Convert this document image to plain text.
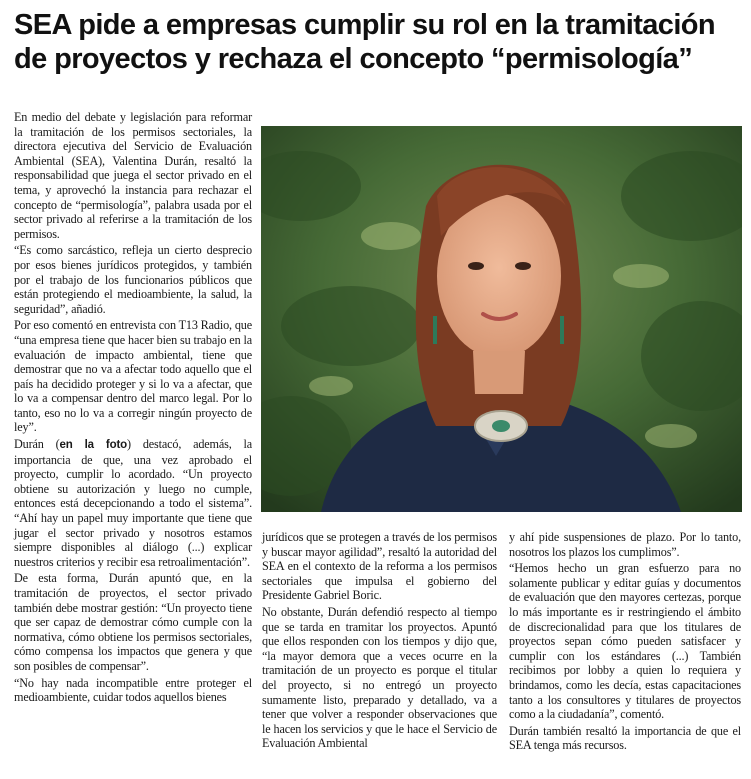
SEA pide a empresas cumplir su rol en la tramitación de proyectos y rechaza el concepto “permisología”

En medio del debate y legislación para reformar la tramitación de los permisos sectoriales, la directora ejecutiva del Servicio de Evaluación Ambiental (SEA), Valentina Durán, resaltó la responsabilidad que juega el sector privado en el tema, y aprovechó la instancia para rechazar el concepto de “permisología”, palabra usada por el sector privado al referirse a la tramitación de los permisos.

“Es como sarcástico, refleja un cierto desprecio por esos bienes jurídicos protegidos, y también por el trabajo de los funcionarios públicos que están protegiendo el medioambiente, la salud, la seguridad”, añadió.

Por eso comentó en entrevista con T13 Radio, que “una empresa tiene que hacer bien su trabajo en la evaluación de impacto ambiental, tiene que demostrar que no va a afectar todo aquello que el país ha decidido proteger y si lo va a afectar, que lo va a compensar dentro del marco legal. Por lo tanto, eso no lo va a corregir ningún proyecto de ley”.

Durán (en la foto) destacó, además, la importancia de que, una vez aprobado el proyecto, cumplir lo acordado. “Un proyecto obtiene su autorización y luego no cumple, entonces está decepcionando a todo el sistema”. “Ahí hay un papel muy importante que tiene que jugar el sector privado y nosotros estamos siempre disponibles al diálogo (...) explicar nuestros criterios y recibir esa retroalimentación”.

De esta forma, Durán apuntó que, en la tramitación de proyectos, el sector privado también debe mostrar gestión: “Un proyecto tiene que ser capaz de demostrar cómo cumple con la normativa, cómo obtiene los permisos sectoriales, cómo compensa los impactos que genera y que son posibles de compensar”.

“No hay nada incompatible entre proteger el medioambiente, cuidar todos aquellos bienes

jurídicos que se protegen a través de los permisos y buscar mayor agilidad”, resaltó la autoridad del SEA en el contexto de la reforma a los permisos sectoriales que impulsa el gobierno del Presidente Gabriel Boric.

No obstante, Durán defendió respecto al tiempo que se tarda en tramitar los proyectos. Apuntó que ellos responden con los tiempos y dijo que, “la mayor demora que a veces ocurre en la tramitación de un proyecto es porque el titular del proyecto, si no entregó un proyecto sumamente listo, preparado y detallado, va a tener que volver a responder observaciones que le hacen los servicios y que le hace el Servicio de Evaluación Ambiental

y ahí pide suspensiones de plazo. Por lo tanto, nosotros los plazos los cumplimos”.

“Hemos hecho un gran esfuerzo para no solamente publicar y editar guías y documentos de evaluación que den mayores certezas, porque lo más importante es ir restringiendo el ámbito de discrecionalidad para que los titulares de proyectos sepan cómo pueden satisfacer y cumplir con los estándares (...) También recibimos por lobby a quien lo requiera y brindamos, como les decía, estas capacitaciones tanto a los consultores y titulares de proyectos como a la ciudadanía”, comentó.

Durán también resaltó la importancia de que el SEA tenga más recursos.
